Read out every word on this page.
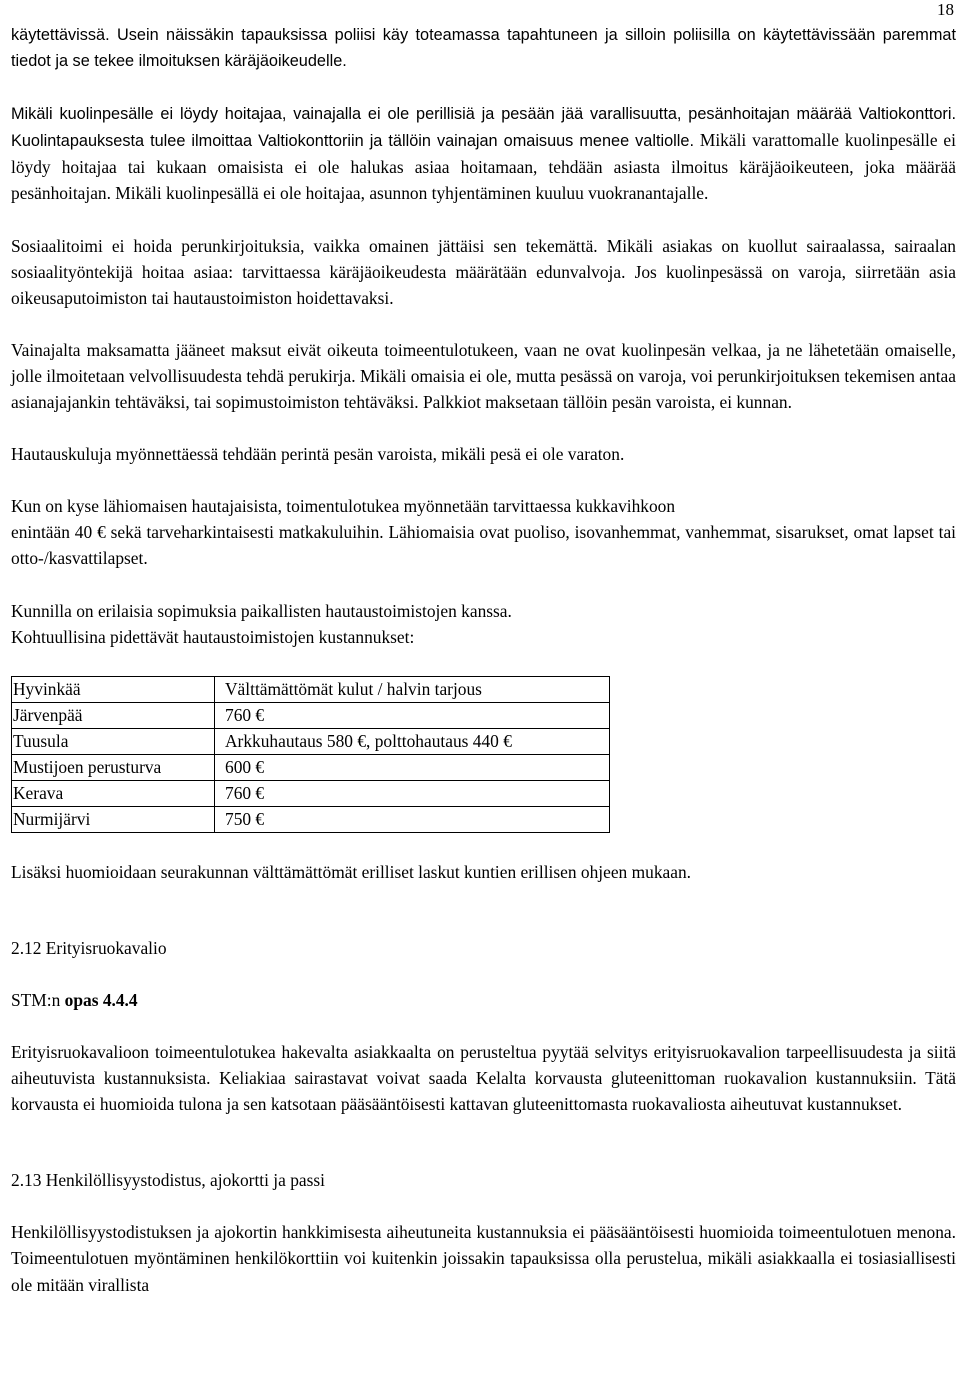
18

käytettävissä. Usein näissäkin tapauksissa poliisi käy toteamassa tapahtuneen ja silloin poliisilla on käytettävissään paremmat tiedot ja se tekee ilmoituksen käräjäoikeudelle.

Mikäli kuolinpesälle ei löydy hoitajaa, vainajalla ei ole perillisiä ja pesään jää varallisuutta, pesänhoitajan määrää Valtiokonttori. Kuolintapauksesta tulee ilmoittaa Valtiokonttoriin ja tällöin vainajan omaisuus menee valtiolle. Mikäli varattomalle kuolinpesälle ei löydy hoitajaa tai kukaan omaisista ei ole halukas asiaa hoitamaan, tehdään asiasta ilmoitus käräjäoikeuteen, joka määrää pesänhoitajan. Mikäli kuolinpesällä ei ole hoitajaa, asunnon tyhjentäminen kuuluu vuokranantajalle.

Sosiaalitoimi ei hoida perunkirjoituksia, vaikka omainen jättäisi sen tekemättä. Mikäli asiakas on kuollut sairaalassa, sairaalan sosiaalityöntekijä hoitaa asiaa: tarvittaessa käräjäoikeudesta määrätään edunvalvoja. Jos kuolinpesässä on varoja, siirretään asia oikeusaputoimiston tai hautaustoimiston hoidettavaksi.

Vainajalta maksamatta jääneet maksut eivät oikeuta toimeentulotukeen, vaan ne ovat kuolinpesän velkaa, ja ne lähetetään omaiselle, jolle ilmoitetaan velvollisuudesta tehdä perukirja. Mikäli omaisia ei ole, mutta pesässä on varoja, voi perunkirjoituksen tekemisen antaa asianajajankin tehtäväksi, tai sopimustoimiston tehtäväksi. Palkkiot maksetaan tällöin pesän varoista, ei kunnan.

Hautauskuluja myönnettäessä tehdään perintä pesän varoista, mikäli pesä ei ole varaton.

Kun on kyse lähiomaisen hautajaisista, toimentulotukea myönnetään tarvittaessa kukkavihkoon
enintään 40 € sekä tarveharkintaisesti matkakuluihin. Lähiomaisia ovat puoliso, isovanhemmat, vanhemmat, sisarukset, omat lapset tai otto-/kasvattilapset.

Kunnilla on erilaisia sopimuksia paikallisten hautaustoimistojen kanssa.
Kohtuullisina pidettävät hautaustoimistojen kustannukset:

Hyvinkää	Välttämättömät kulut / halvin tarjous
Järvenpää	760 €
Tuusula	Arkkuhautaus 580 €, polttohautaus 440 €
Mustijoen perusturva	600 €
Kerava	760 €
Nurmijärvi	750 €

Lisäksi huomioidaan seurakunnan välttämättömät erilliset laskut kuntien erillisen ohjeen mukaan.

2.12 Erityisruokavalio

STM:n opas 4.4.4

Erityisruokavalioon toimeentulotukea hakevalta asiakkaalta on perusteltua pyytää selvitys erityisruokavalion tarpeellisuudesta ja siitä aiheutuvista kustannuksista. Keliakiaa sairastavat voivat saada Kelalta korvausta gluteenittoman ruokavalion kustannuksiin. Tätä korvausta ei huomioida tulona ja sen katsotaan pääsääntöisesti kattavan gluteenittomasta ruokavaliosta aiheutuvat kustannukset.

2.13 Henkilöllisyystodistus, ajokortti ja passi

Henkilöllisyystodistuksen ja ajokortin hankkimisesta aiheutuneita kustannuksia ei pääsääntöisesti huomioida toimeentulotuen menona. Toimeentulotuen myöntäminen henkilökorttiin voi kuitenkin joissakin tapauksissa olla perustelua, mikäli asiakkaalla ei tosiasiallisesti ole mitään virallista
